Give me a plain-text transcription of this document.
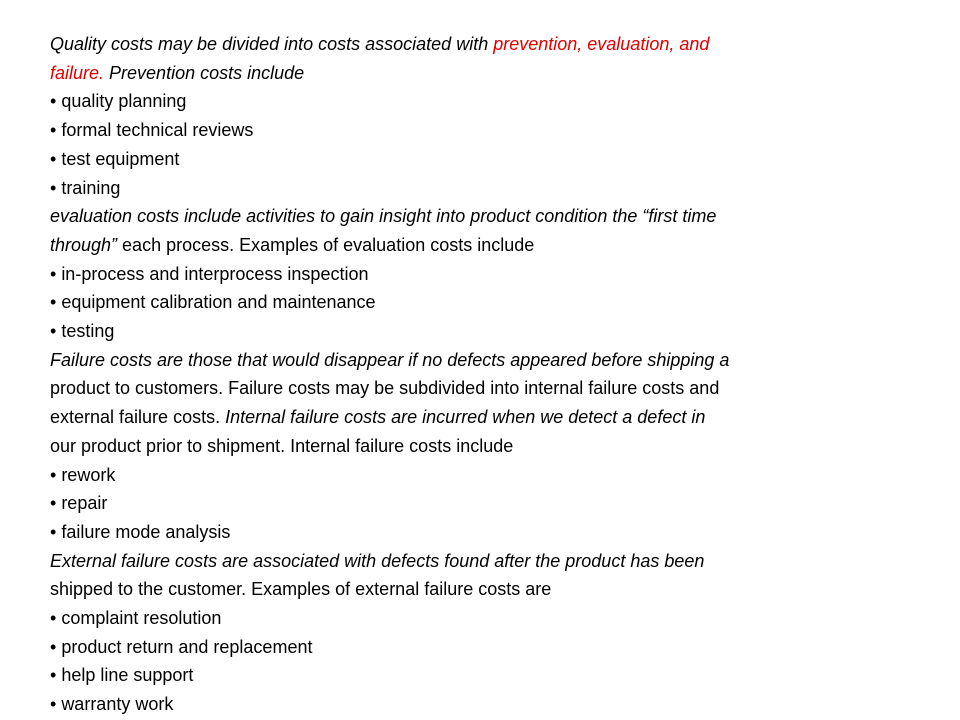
Quality costs may be divided into costs associated with prevention, evaluation, and
failure. Prevention costs include
• quality planning
• formal technical reviews
• test equipment
• training
evaluation costs include activities to gain insight into product condition the “first time
through” each process. Examples of evaluation costs include
• in-process and interprocess inspection
• equipment calibration and maintenance
• testing
Failure costs are those that would disappear if no defects appeared before shipping a
product to customers. Failure costs may be subdivided into internal failure costs and
external failure costs. Internal failure costs are incurred when we detect a defect in
our product prior to shipment. Internal failure costs include
• rework
• repair
• failure mode analysis
External failure costs are associated with defects found after the product has been
shipped to the customer. Examples of external failure costs are
• complaint resolution
• product return and replacement
• help line support
• warranty work
